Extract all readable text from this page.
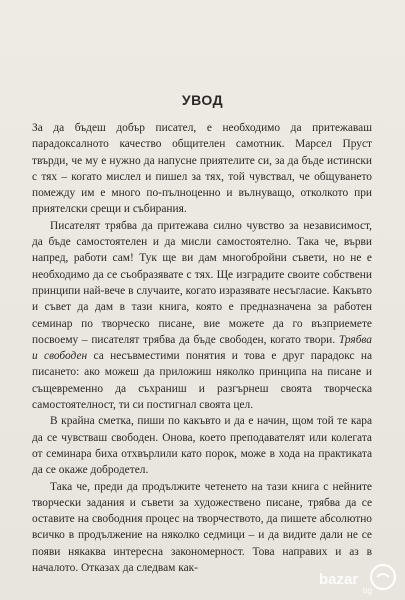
УВОД

За да бъдеш добър писател, е необходимо да притежаваш парадоксалното качество общителен самотник. Марсел Пруст твърди, че му е нужно да напусне приятелите си, за да бъде истински с тях – когато мислел и пишел за тях, той чувствал, че общуването помежду им е много по-пълноценно и вълнуващо, отколкото при приятелски срещи и събирания.

Писателят трябва да притежава силно чувство за независимост, да бъде самостоятелен и да мисли самостоятелно. Така че, върви напред, работи сам! Тук ще ви дам многобройни съвети, но не е необходимо да се съобразявате с тях. Ще изградите своите собствени принципи най-вече в случаите, когато изразявате несъгласие. Какъвто и съвет да дам в тази книга, която е предназначена за работен семинар по творческо писане, вие можете да го възприемете посвоему – писателят трябва да бъде свободен, когато твори. Трябва и свободен са несъвместими понятия и това е друг парадокс на писането: ако можеш да приложиш няколко принципа на писане и същевременно да съхраниш и разгърнеш своята творческа самостоятелност, ти си постигнал своята цел.

В крайна сметка, пиши по какъвто и да е начин, щом той те кара да се чувстваш свободен. Онова, което преподавателят или колегата от семинара биха отхвърлили като порок, може в хода на практиката да се окаже добродетел.

Така че, преди да продължите четенето на тази книга с нейните творчески задания и съвети за художествено писане, трябва да се оставите на свободния процес на творчеството, да пишете абсолютно всичко в продължение на няколко седмици – и да видите дали не се появи някаква интересна закономерност. Това направих и аз в началото. Отказах да следвам как-

bazar
bg
